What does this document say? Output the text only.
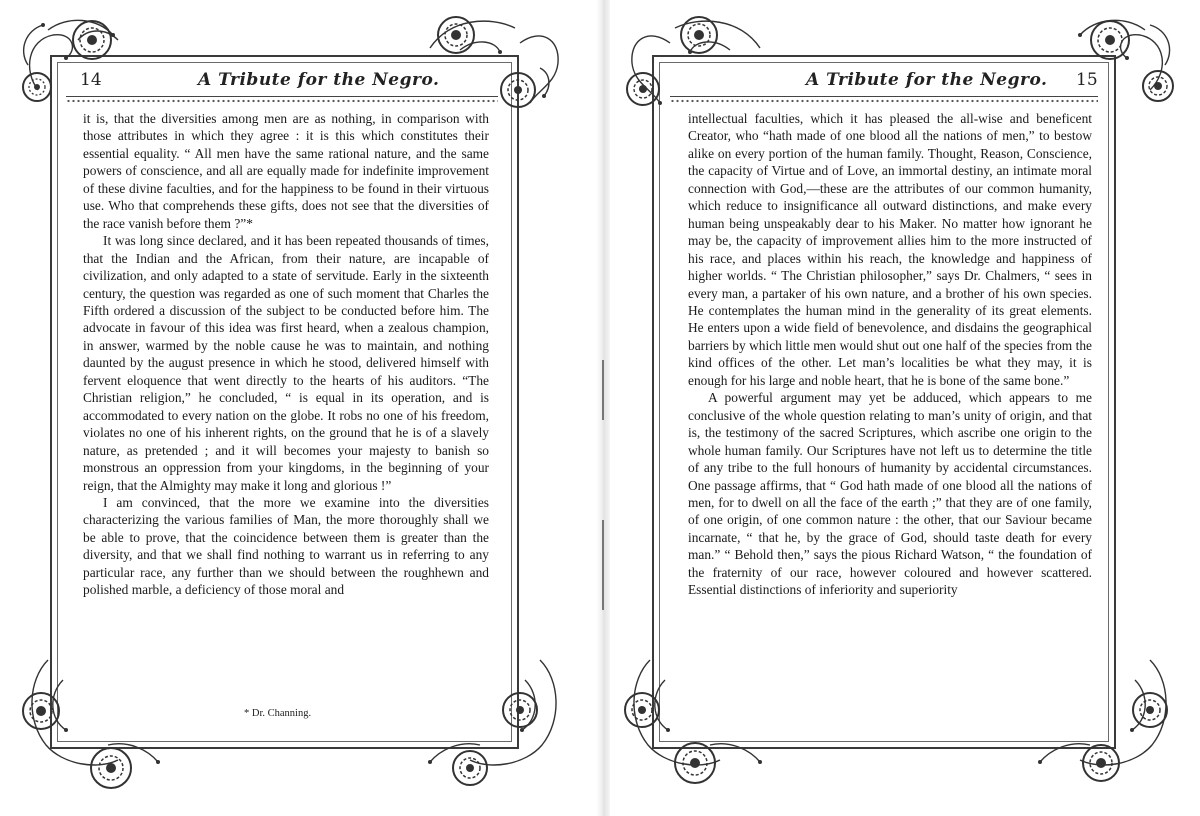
14	A Tribute for the Negro.

it is, that the diversities among men are as nothing, in comparison with those attributes in which they agree : it is this which constitutes their essential equality. “ All men have the same rational nature, and the same powers of conscience, and all are equally made for indefinite improvement of these divine faculties, and for the happiness to be found in their virtuous use. Who that comprehends these gifts, does not see that the diversities of the race vanish before them ?”*

It was long since declared, and it has been repeated thousands of times, that the Indian and the African, from their nature, are incapable of civilization, and only adapted to a state of servitude. Early in the sixteenth century, the question was regarded as one of such moment that Charles the Fifth ordered a discussion of the subject to be conducted before him. The advocate in favour of this idea was first heard, when a zealous champion, in answer, warmed by the noble cause he was to maintain, and nothing daunted by the august presence in which he stood, delivered himself with fervent eloquence that went directly to the hearts of his auditors. “The Christian religion,” he concluded, “ is equal in its operation, and is accommodated to every nation on the globe. It robs no one of his freedom, violates no one of his inherent rights, on the ground that he is of a slavely nature, as pretended ; and it will becomes your majesty to banish so monstrous an oppression from your kingdoms, in the beginning of your reign, that the Almighty may make it long and glorious !”

I am convinced, that the more we examine into the diversities characterizing the various families of Man, the more thoroughly shall we be able to prove, that the coincidence between them is greater than the diversity, and that we shall find nothing to warrant us in referring to any particular race, any further than we should between the roughhewn and polished marble, a deficiency of those moral and

* Dr. Channing.
A Tribute for the Negro. 15

intellectual faculties, which it has pleased the all-wise and beneficent Creator, who “hath made of one blood all the nations of men,” to bestow alike on every portion of the human family. Thought, Reason, Conscience, the capacity of Virtue and of Love, an immortal destiny, an intimate moral connection with God,—these are the attributes of our common humanity, which reduce to insignificance all outward distinctions, and make every human being unspeakably dear to his Maker. No matter how ignorant he may be, the capacity of improvement allies him to the more instructed of his race, and places within his reach, the knowledge and happiness of higher worlds. “ The Christian philosopher,” says Dr. Chalmers, “ sees in every man, a partaker of his own nature, and a brother of his own species. He contemplates the human mind in the generality of its great elements. He enters upon a wide field of benevolence, and disdains the geographical barriers by which little men would shut out one half of the species from the kind offices of the other. Let man’s localities be what they may, it is enough for his large and noble heart, that he is bone of the same bone.”

A powerful argument may yet be adduced, which appears to me conclusive of the whole question relating to man’s unity of origin, and that is, the testimony of the sacred Scriptures, which ascribe one origin to the whole human family. Our Scriptures have not left us to determine the title of any tribe to the full honours of humanity by accidental circumstances. One passage affirms, that “ God hath made of one blood all the nations of men, for to dwell on all the face of the earth ;” that they are of one family, of one origin, of one common nature : the other, that our Saviour became incarnate, “ that he, by the grace of God, should taste death for every man.” “ Behold then,” says the pious Richard Watson, “ the foundation of the fraternity of our race, however coloured and however scattered. Essential distinctions of inferiority and superiority
